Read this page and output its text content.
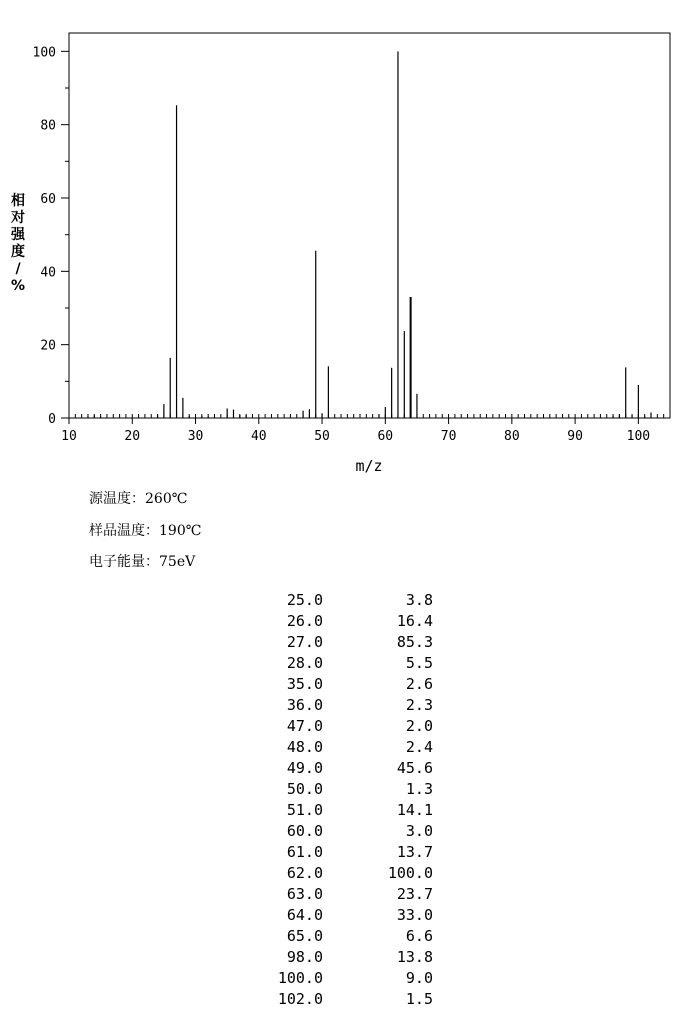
10	20	30	40	50	60	70	80	90	100
0
20
40
60
80
100
m/z
相对强度/ %
源温度：260℃
样品温度：190℃
电子能量：75eV
25.0	3.8
26.0	16.4
27.0	85.3
28.0	5.5
35.0	2.6
36.0	2.3
47.0	2.0
48.0	2.4
49.0	45.6
50.0	1.3
51.0	14.1
60.0	3.0
61.0	13.7
62.0	100.0
63.0	23.7
64.0	33.0
65.0	6.6
98.0	13.8
100.0	9.0
102.0	1.5
